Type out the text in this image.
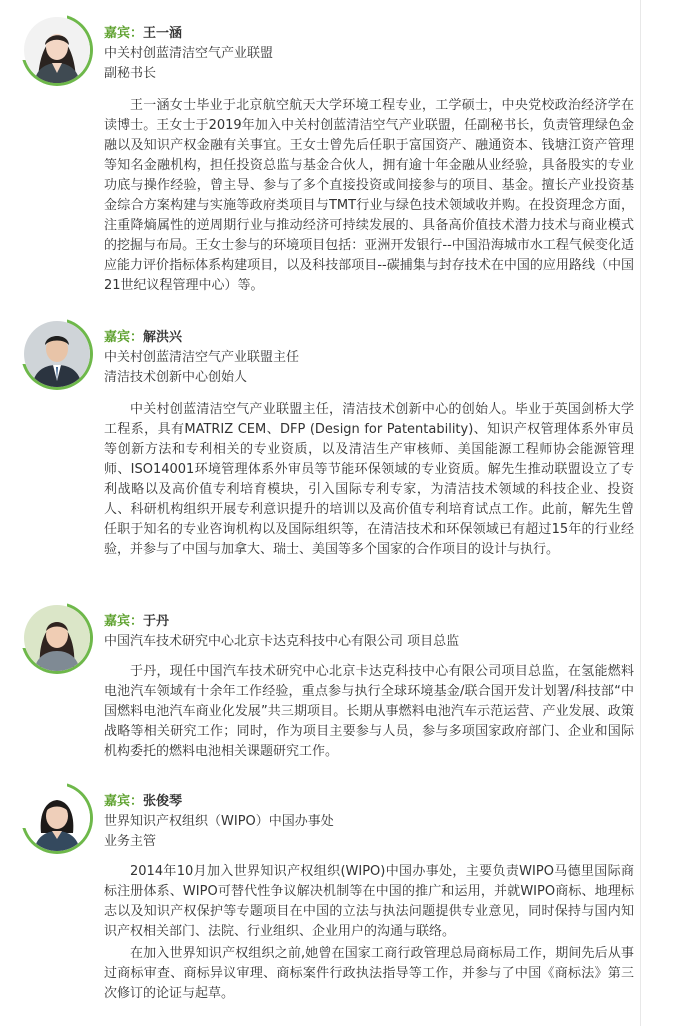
嘉宾：王一涵
中关村创蓝清洁空气产业联盟
副秘书长

王一涵女士毕业于北京航空航天大学环境工程专业，工学硕士，中央党校政治经济学在读博士。王女士于2019年加入中关村创蓝清洁空气产业联盟，任副秘书长，负责管理绿色金融以及知识产权金融有关事宜。王女士曾先后任职于富国资产、融通资本、钱塘江资产管理等知名金融机构，担任投资总监与基金合伙人，拥有逾十年金融从业经验，具备股实的专业功底与操作经验，曾主导、参与了多个直接投资或间接参与的项目、基金。擅长产业投资基金综合方案构建与实施等政府类项目与TMT行业与绿色技术领域收并购。在投资理念方面，注重降熵属性的逆周期行业与推动经济可持续发展的、具备高价值技术潜力技术与商业模式的挖掘与布局。王女士参与的环境项目包括：亚洲开发银行--中国沿海城市水工程气候变化适应能力评价指标体系构建项目，以及科技部项目--碳捕集与封存技术在中国的应用路线（中国21世纪议程管理中心）等。

嘉宾：解洪兴
中关村创蓝清洁空气产业联盟主任
清洁技术创新中心创始人

中关村创蓝清洁空气产业联盟主任，清洁技术创新中心的创始人。毕业于英国剑桥大学工程系，具有MATRIZ CEM、DFP (Design for Patentability)、知识产权管理体系外审员等创新方法和专利相关的专业资质，以及清洁生产审核师、美国能源工程师协会能源管理师、ISO14001环境管理体系外审员等节能环保领域的专业资质。解先生推动联盟设立了专利战略以及高价值专利培育模块，引入国际专利专家，为清洁技术领域的科技企业、投资人、科研机构组织开展专利意识提升的培训以及高价值专利培育试点工作。此前，解先生曾任职于知名的专业咨询机构以及国际组织等，在清洁技术和环保领域已有超过15年的行业经验，并参与了中国与加拿大、瑞士、美国等多个国家的合作项目的设计与执行。

嘉宾：于丹
中国汽车技术研究中心北京卡达克科技中心有限公司 项目总监

于丹，现任中国汽车技术研究中心北京卡达克科技中心有限公司项目总监，在氢能燃料电池汽车领域有十余年工作经验，重点参与执行全球环境基金/联合国开发计划署/科技部“中国燃料电池汽车商业化发展”共三期项目。长期从事燃料电池汽车示范运营、产业发展、政策战略等相关研究工作；同时，作为项目主要参与人员，参与多项国家政府部门、企业和国际机构委托的燃料电池相关课题研究工作。

嘉宾：张俊琴
世界知识产权组织（WIPO）中国办事处
业务主管

2014年10月加入世界知识产权组织(WIPO)中国办事处，主要负责WIPO马德里国际商标注册体系、WIPO可替代性争议解决机制等在中国的推广和运用，并就WIPO商标、地理标志以及知识产权保护等专题项目在中国的立法与执法问题提供专业意见，同时保持与国内知识产权相关部门、法院、行业组织、企业用户的沟通与联络。

在加入世界知识产权组织之前,她曾在国家工商行政管理总局商标局工作，期间先后从事过商标审查、商标异议审理、商标案件行政执法指导等工作，并参与了中国《商标法》第三次修订的论证与起草。
